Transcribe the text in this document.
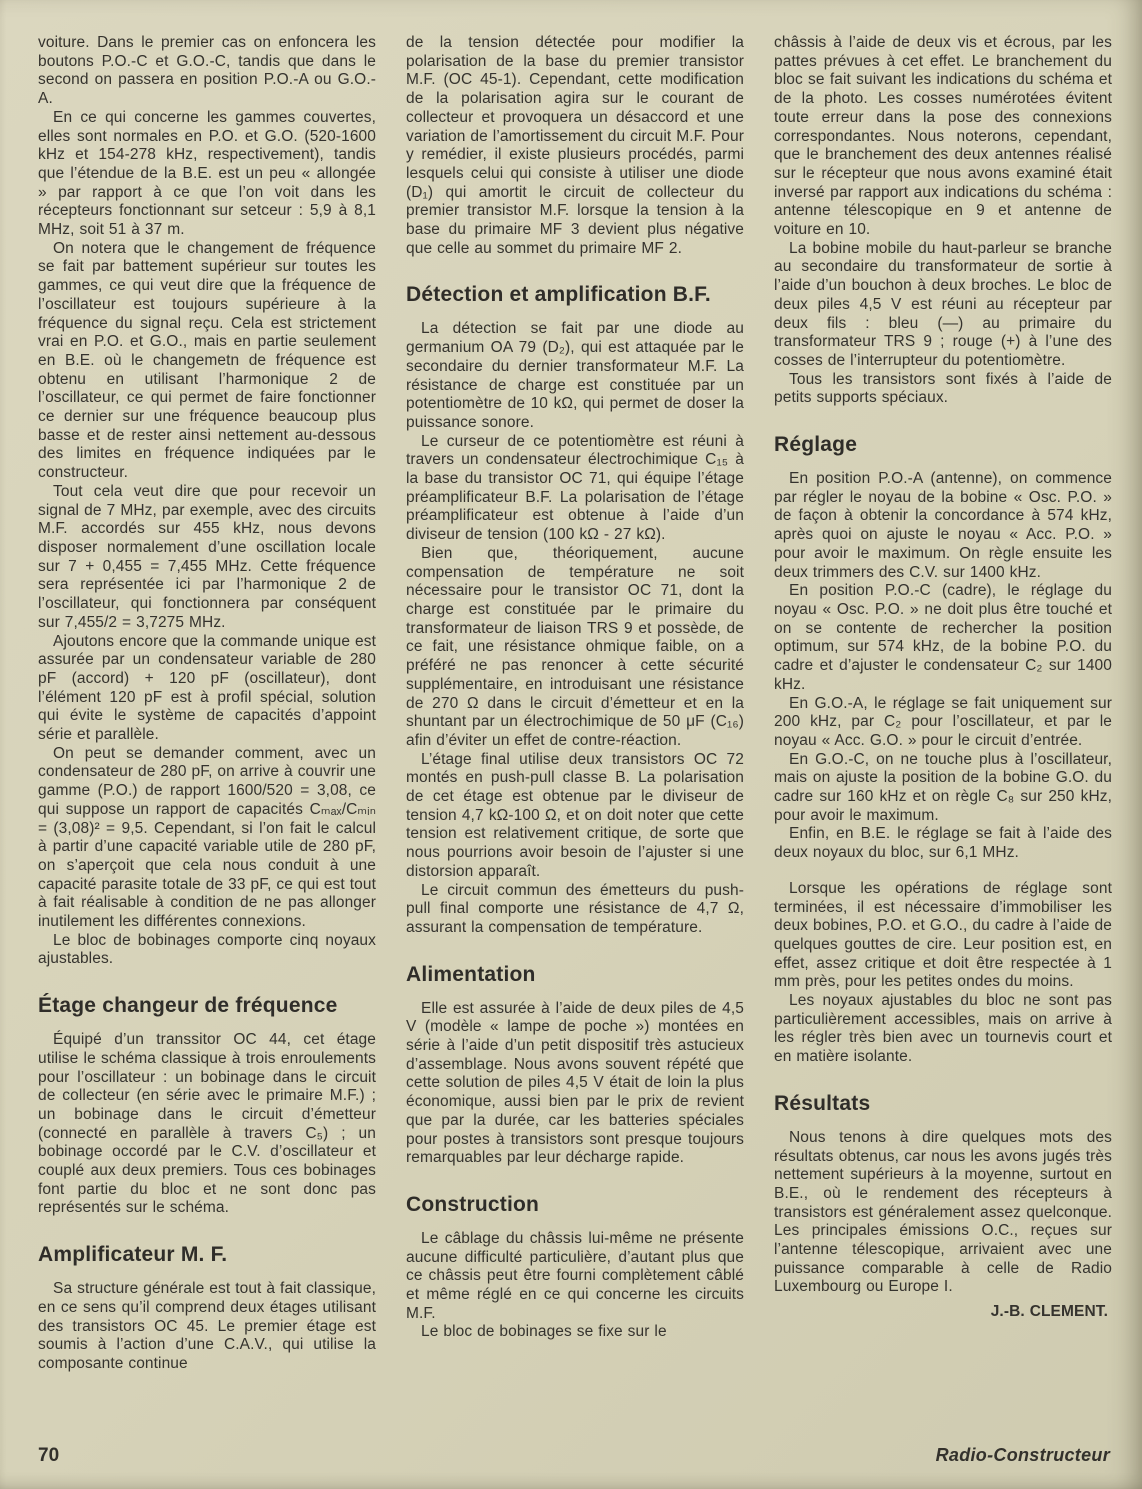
voiture. Dans le premier cas on enfoncera les boutons P.O.-C et G.O.-C, tandis que dans le second on passera en position P.O.-A ou G.O.-A.

En ce qui concerne les gammes couvertes, elles sont normales en P.O. et G.O. (520-1600 kHz et 154-278 kHz, respectivement), tandis que l’étendue de la B.E. est un peu « allongée » par rapport à ce que l’on voit dans les récepteurs fonctionnant sur setceur : 5,9 à 8,1 MHz, soit 51 à 37 m.

On notera que le changement de fréquence se fait par battement supérieur sur toutes les gammes, ce qui veut dire que la fréquence de l’oscillateur est toujours supérieure à la fréquence du signal reçu. Cela est strictement vrai en P.O. et G.O., mais en partie seulement en B.E. où le changemetn de fréquence est obtenu en utilisant l’harmonique 2 de l’oscillateur, ce qui permet de faire fonctionner ce dernier sur une fréquence beaucoup plus basse et de rester ainsi nettement au-dessous des limites en fréquence indiquées par le constructeur.

Tout cela veut dire que pour recevoir un signal de 7 MHz, par exemple, avec des circuits M.F. accordés sur 455 kHz, nous devons disposer normalement d’une oscillation locale sur 7 + 0,455 = 7,455 MHz. Cette fréquence sera représentée ici par l’harmonique 2 de l’oscillateur, qui fonctionnera par conséquent sur 7,455/2 = 3,7275 MHz.

Ajoutons encore que la commande unique est assurée par un condensateur variable de 280 pF (accord) + 120 pF (oscillateur), dont l’élément 120 pF est à profil spécial, solution qui évite le système de capacités d’appoint série et parallèle.

On peut se demander comment, avec un condensateur de 280 pF, on arrive à couvrir une gamme (P.O.) de rapport 1600/520 = 3,08, ce qui suppose un rapport de capacités Cₘₐₓ/Cₘᵢₙ = (3,08)² = 9,5. Cependant, si l’on fait le calcul à partir d’une capacité variable utile de 280 pF, on s’aperçoit que cela nous conduit à une capacité parasite totale de 33 pF, ce qui est tout à fait réalisable à condition de ne pas allonger inutilement les différentes connexions.

Le bloc de bobinages comporte cinq noyaux ajustables.

Étage changeur de fréquence

Équipé d’un transsitor OC 44, cet étage utilise le schéma classique à trois enroulements pour l’oscillateur : un bobinage dans le circuit de collecteur (en série avec le primaire M.F.) ; un bobinage dans le circuit d’émetteur (connecté en parallèle à travers C₅) ; un bobinage occordé par le C.V. d’oscillateur et couplé aux deux premiers. Tous ces bobinages font partie du bloc et ne sont donc pas représentés sur le schéma.

Amplificateur M. F.

Sa structure générale est tout à fait classique, en ce sens qu’il comprend deux étages utilisant des transistors OC 45. Le premier étage est soumis à l’action d’une C.A.V., qui utilise la composante continue

de la tension détectée pour modifier la polarisation de la base du premier transistor M.F. (OC 45-1). Cependant, cette modification de la polarisation agira sur le courant de collecteur et provoquera un désaccord et une variation de l’amortissement du circuit M.F. Pour y remédier, il existe plusieurs procédés, parmi lesquels celui qui consiste à utiliser une diode (D₁) qui amortit le circuit de collecteur du premier transistor M.F. lorsque la tension à la base du primaire MF 3 devient plus négative que celle au sommet du primaire MF 2.

Détection et amplification B.F.

La détection se fait par une diode au germanium OA 79 (D₂), qui est attaquée par le secondaire du dernier transformateur M.F. La résistance de charge est constituée par un potentiomètre de 10 kΩ, qui permet de doser la puissance sonore.

Le curseur de ce potentiomètre est réuni à travers un condensateur électrochimique C₁₅ à la base du transistor OC 71, qui équipe l’étage préamplificateur B.F. La polarisation de l’étage préamplificateur est obtenue à l’aide d’un diviseur de tension (100 kΩ - 27 kΩ).

Bien que, théoriquement, aucune compensation de température ne soit nécessaire pour le transistor OC 71, dont la charge est constituée par le primaire du transformateur de liaison TRS 9 et possède, de ce fait, une résistance ohmique faible, on a préféré ne pas renoncer à cette sécurité supplémentaire, en introduisant une résistance de 270 Ω dans le circuit d’émetteur et en la shuntant par un électrochimique de 50 μF (C₁₆) afin d’éviter un effet de contre-réaction.

L’étage final utilise deux transistors OC 72 montés en push-pull classe B. La polarisation de cet étage est obtenue par le diviseur de tension 4,7 kΩ-100 Ω, et on doit noter que cette tension est relativement critique, de sorte que nous pourrions avoir besoin de l’ajuster si une distorsion apparaît.

Le circuit commun des émetteurs du push-pull final comporte une résistance de 4,7 Ω, assurant la compensation de température.

Alimentation

Elle est assurée à l’aide de deux piles de 4,5 V (modèle « lampe de poche ») montées en série à l’aide d’un petit dispositif très astucieux d’assemblage. Nous avons souvent répété que cette solution de piles 4,5 V était de loin la plus économique, aussi bien par le prix de revient que par la durée, car les batteries spéciales pour postes à transistors sont presque toujours remarquables par leur décharge rapide.

Construction

Le câblage du châssis lui-même ne présente aucune difficulté particulière, d’autant plus que ce châssis peut être fourni complètement câblé et même réglé en ce qui concerne les circuits M.F.

Le bloc de bobinages se fixe sur le

châssis à l’aide de deux vis et écrous, par les pattes prévues à cet effet. Le branchement du bloc se fait suivant les indications du schéma et de la photo. Les cosses numérotées évitent toute erreur dans la pose des connexions correspondantes. Nous noterons, cependant, que le branchement des deux antennes réalisé sur le récepteur que nous avons examiné était inversé par rapport aux indications du schéma : antenne télescopique en 9 et antenne de voiture en 10.

La bobine mobile du haut-parleur se branche au secondaire du transformateur de sortie à l’aide d’un bouchon à deux broches. Le bloc de deux piles 4,5 V est réuni au récepteur par deux fils : bleu (—) au primaire du transformateur TRS 9 ; rouge (+) à l’une des cosses de l’interrupteur du potentiomètre.

Tous les transistors sont fixés à l’aide de petits supports spéciaux.

Réglage

En position P.O.-A (antenne), on commence par régler le noyau de la bobine « Osc. P.O. » de façon à obtenir la concordance à 574 kHz, après quoi on ajuste le noyau « Acc. P.O. » pour avoir le maximum. On règle ensuite les deux trimmers des C.V. sur 1400 kHz.

En position P.O.-C (cadre), le réglage du noyau « Osc. P.O. » ne doit plus être touché et on se contente de rechercher la position optimum, sur 574 kHz, de la bobine P.O. du cadre et d’ajuster le condensateur C₂ sur 1400 kHz.

En G.O.-A, le réglage se fait uniquement sur 200 kHz, par C₂ pour l’oscillateur, et par le noyau « Acc. G.O. » pour le circuit d’entrée.

En G.O.-C, on ne touche plus à l’oscillateur, mais on ajuste la position de la bobine G.O. du cadre sur 160 kHz et on règle C₈ sur 250 kHz, pour avoir le maximum.

Enfin, en B.E. le réglage se fait à l’aide des deux noyaux du bloc, sur 6,1 MHz.

Lorsque les opérations de réglage sont terminées, il est nécessaire d’immobiliser les deux bobines, P.O. et G.O., du cadre à l’aide de quelques gouttes de cire. Leur position est, en effet, assez critique et doit être respectée à 1 mm près, pour les petites ondes du moins.

Les noyaux ajustables du bloc ne sont pas particulièrement accessibles, mais on arrive à les régler très bien avec un tournevis court et en matière isolante.

Résultats

Nous tenons à dire quelques mots des résultats obtenus, car nous les avons jugés très nettement supérieurs à la moyenne, surtout en B.E., où le rendement des récepteurs à transistors est généralement assez quelconque. Les principales émissions O.C., reçues sur l’antenne télescopique, arrivaient avec une puissance comparable à celle de Radio Luxembourg ou Europe I.

J.-B. CLEMENT.

70	Radio-Constructeur
